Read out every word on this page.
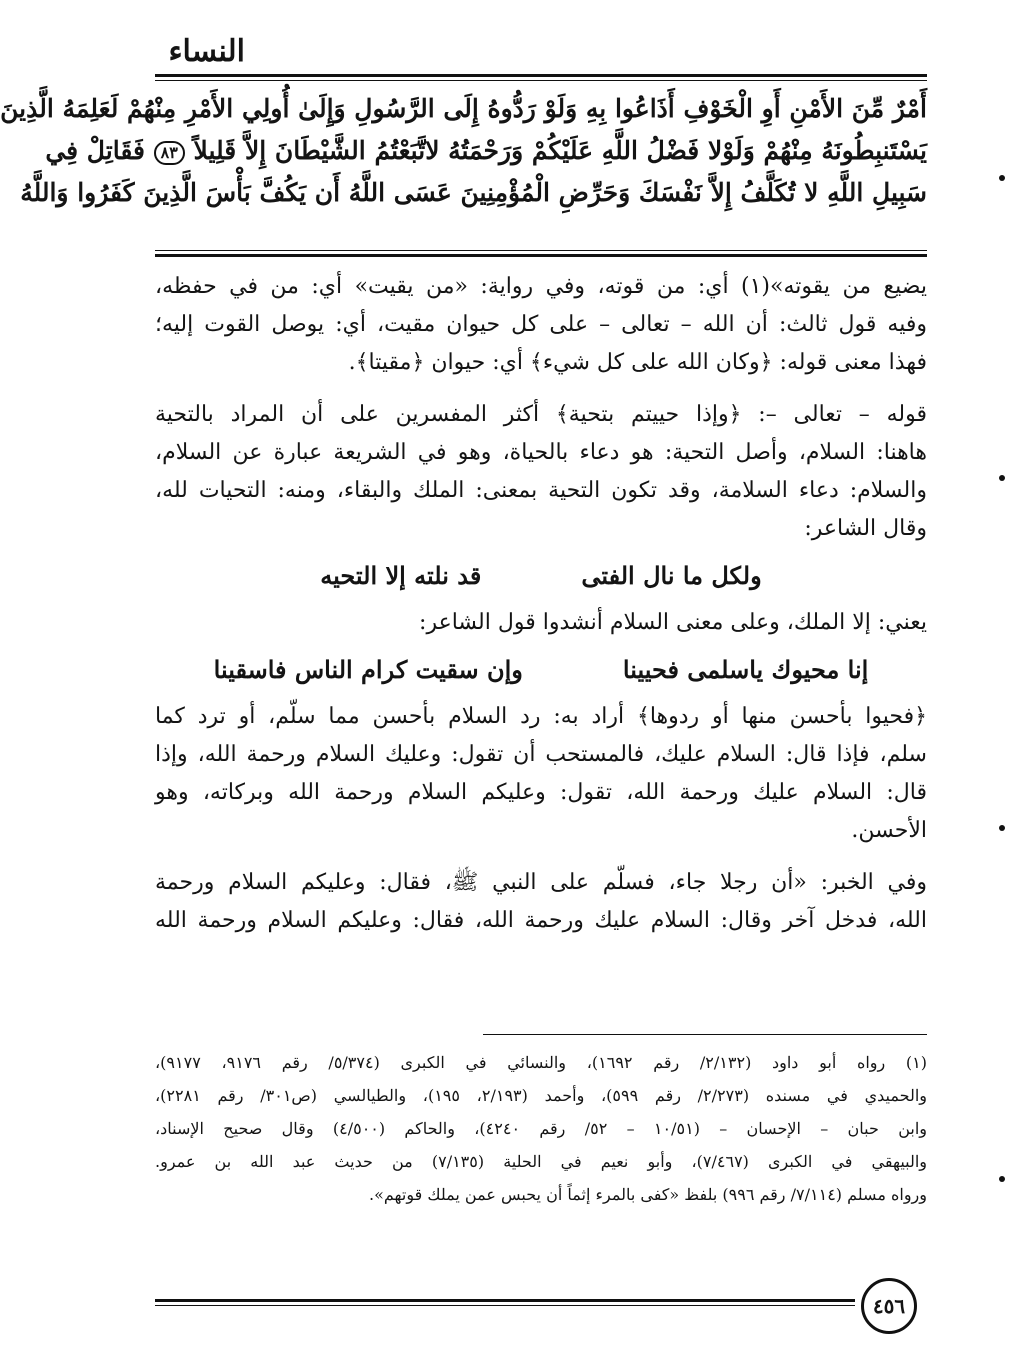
النساء
أَمْرٌ مِّنَ الأَمْنِ أَوِ الْخَوْفِ أَذَاعُوا بِهِ وَلَوْ رَدُّوهُ إِلَى الرَّسُولِ وَإِلَىٰ أُولِي الأَمْرِ مِنْهُمْ لَعَلِمَهُ الَّذِينَ
يَسْتَنبِطُونَهُ مِنْهُمْ وَلَوْلا فَضْلُ اللَّهِ عَلَيْكُمْ وَرَحْمَتُهُ لاتَّبَعْتُمُ الشَّيْطَانَ إِلاَّ قَلِيلاً ٨٣ فَقَاتِلْ فِي
سَبِيلِ اللَّهِ لا تُكَلَّفُ إِلاَّ نَفْسَكَ وَحَرِّضِ الْمُؤْمِنِينَ عَسَى اللَّهُ أَن يَكُفَّ بَأْسَ الَّذِينَ كَفَرُوا وَاللَّهُ
يضيع من يقوته»(١) أي: من قوته، وفي رواية: «من يقيت» أي: من في حفظه،
وفيه قول ثالث: أن الله – تعالى – على كل حيوان مقيت، أي: يوصل القوت إليه؛
فهذا معنى قوله: ﴿وكان الله على كل شيء﴾ أي: حيوان ﴿مقيتا﴾.
قوله – تعالى –: ﴿وإذا حييتم بتحية﴾ أكثر المفسرين على أن المراد بالتحية
هاهنا: السلام، وأصل التحية: هو دعاء بالحياة، وهو في الشريعة عبارة عن السلام،
والسلام: دعاء السلامة، وقد تكون التحية بمعنى: الملك والبقاء، ومنه: التحيات لله،
وقال الشاعر:
ولكل ما نال الفتى
قد نلته إلا التحيه
يعني: إلا الملك، وعلى معنى السلام أنشدوا قول الشاعر:
إنا محيوك ياسلمى فحيينا
وإن سقيت كرام الناس فاسقينا
﴿فحيوا بأحسن منها أو ردوها﴾ أراد به: رد السلام بأحسن مما سلّم، أو ترد كما
سلم، فإذا قال: السلام عليك، فالمستحب أن تقول: وعليك السلام ورحمة الله، وإذا
قال: السلام عليك ورحمة الله، تقول: وعليكم السلام ورحمة الله وبركاته، وهو
الأحسن.
وفي الخبر: «أن رجلا جاء، فسلّم على النبي ﷺ، فقال: وعليكم السلام ورحمة
الله، فدخل آخر وقال: السلام عليك ورحمة الله، فقال: وعليكم السلام ورحمة الله
(١) رواه أبو داود (٢/١٣٢/ رقم ١٦٩٢)، والنسائي في الكبرى (٥/٣٧٤/ رقم ٩١٧٦، ٩١٧٧)،
والحميدي في مسنده (٢/٢٧٣/ رقم ٥٩٩)، وأحمد (٢/١٩٣، ١٩٥)، والطيالسي (ص٣٠١/ رقم ٢٢٨١)،
وابن حبان – الإحسان – (١٠/٥١ – ٥٢/ رقم ٤٢٤٠)، والحاكم (٤/٥٠٠) وقال صحيح الإسناد،
والبيهقي في الكبرى (٧/٤٦٧)، وأبو نعيم في الحلية (٧/١٣٥) من حديث عبد الله بن عمرو.
ورواه مسلم (٧/١١٤/ رقم ٩٩٦) بلفظ «كفى بالمرء إثماً أن يحبس عمن يملك قوتهم».
٤٥٦
